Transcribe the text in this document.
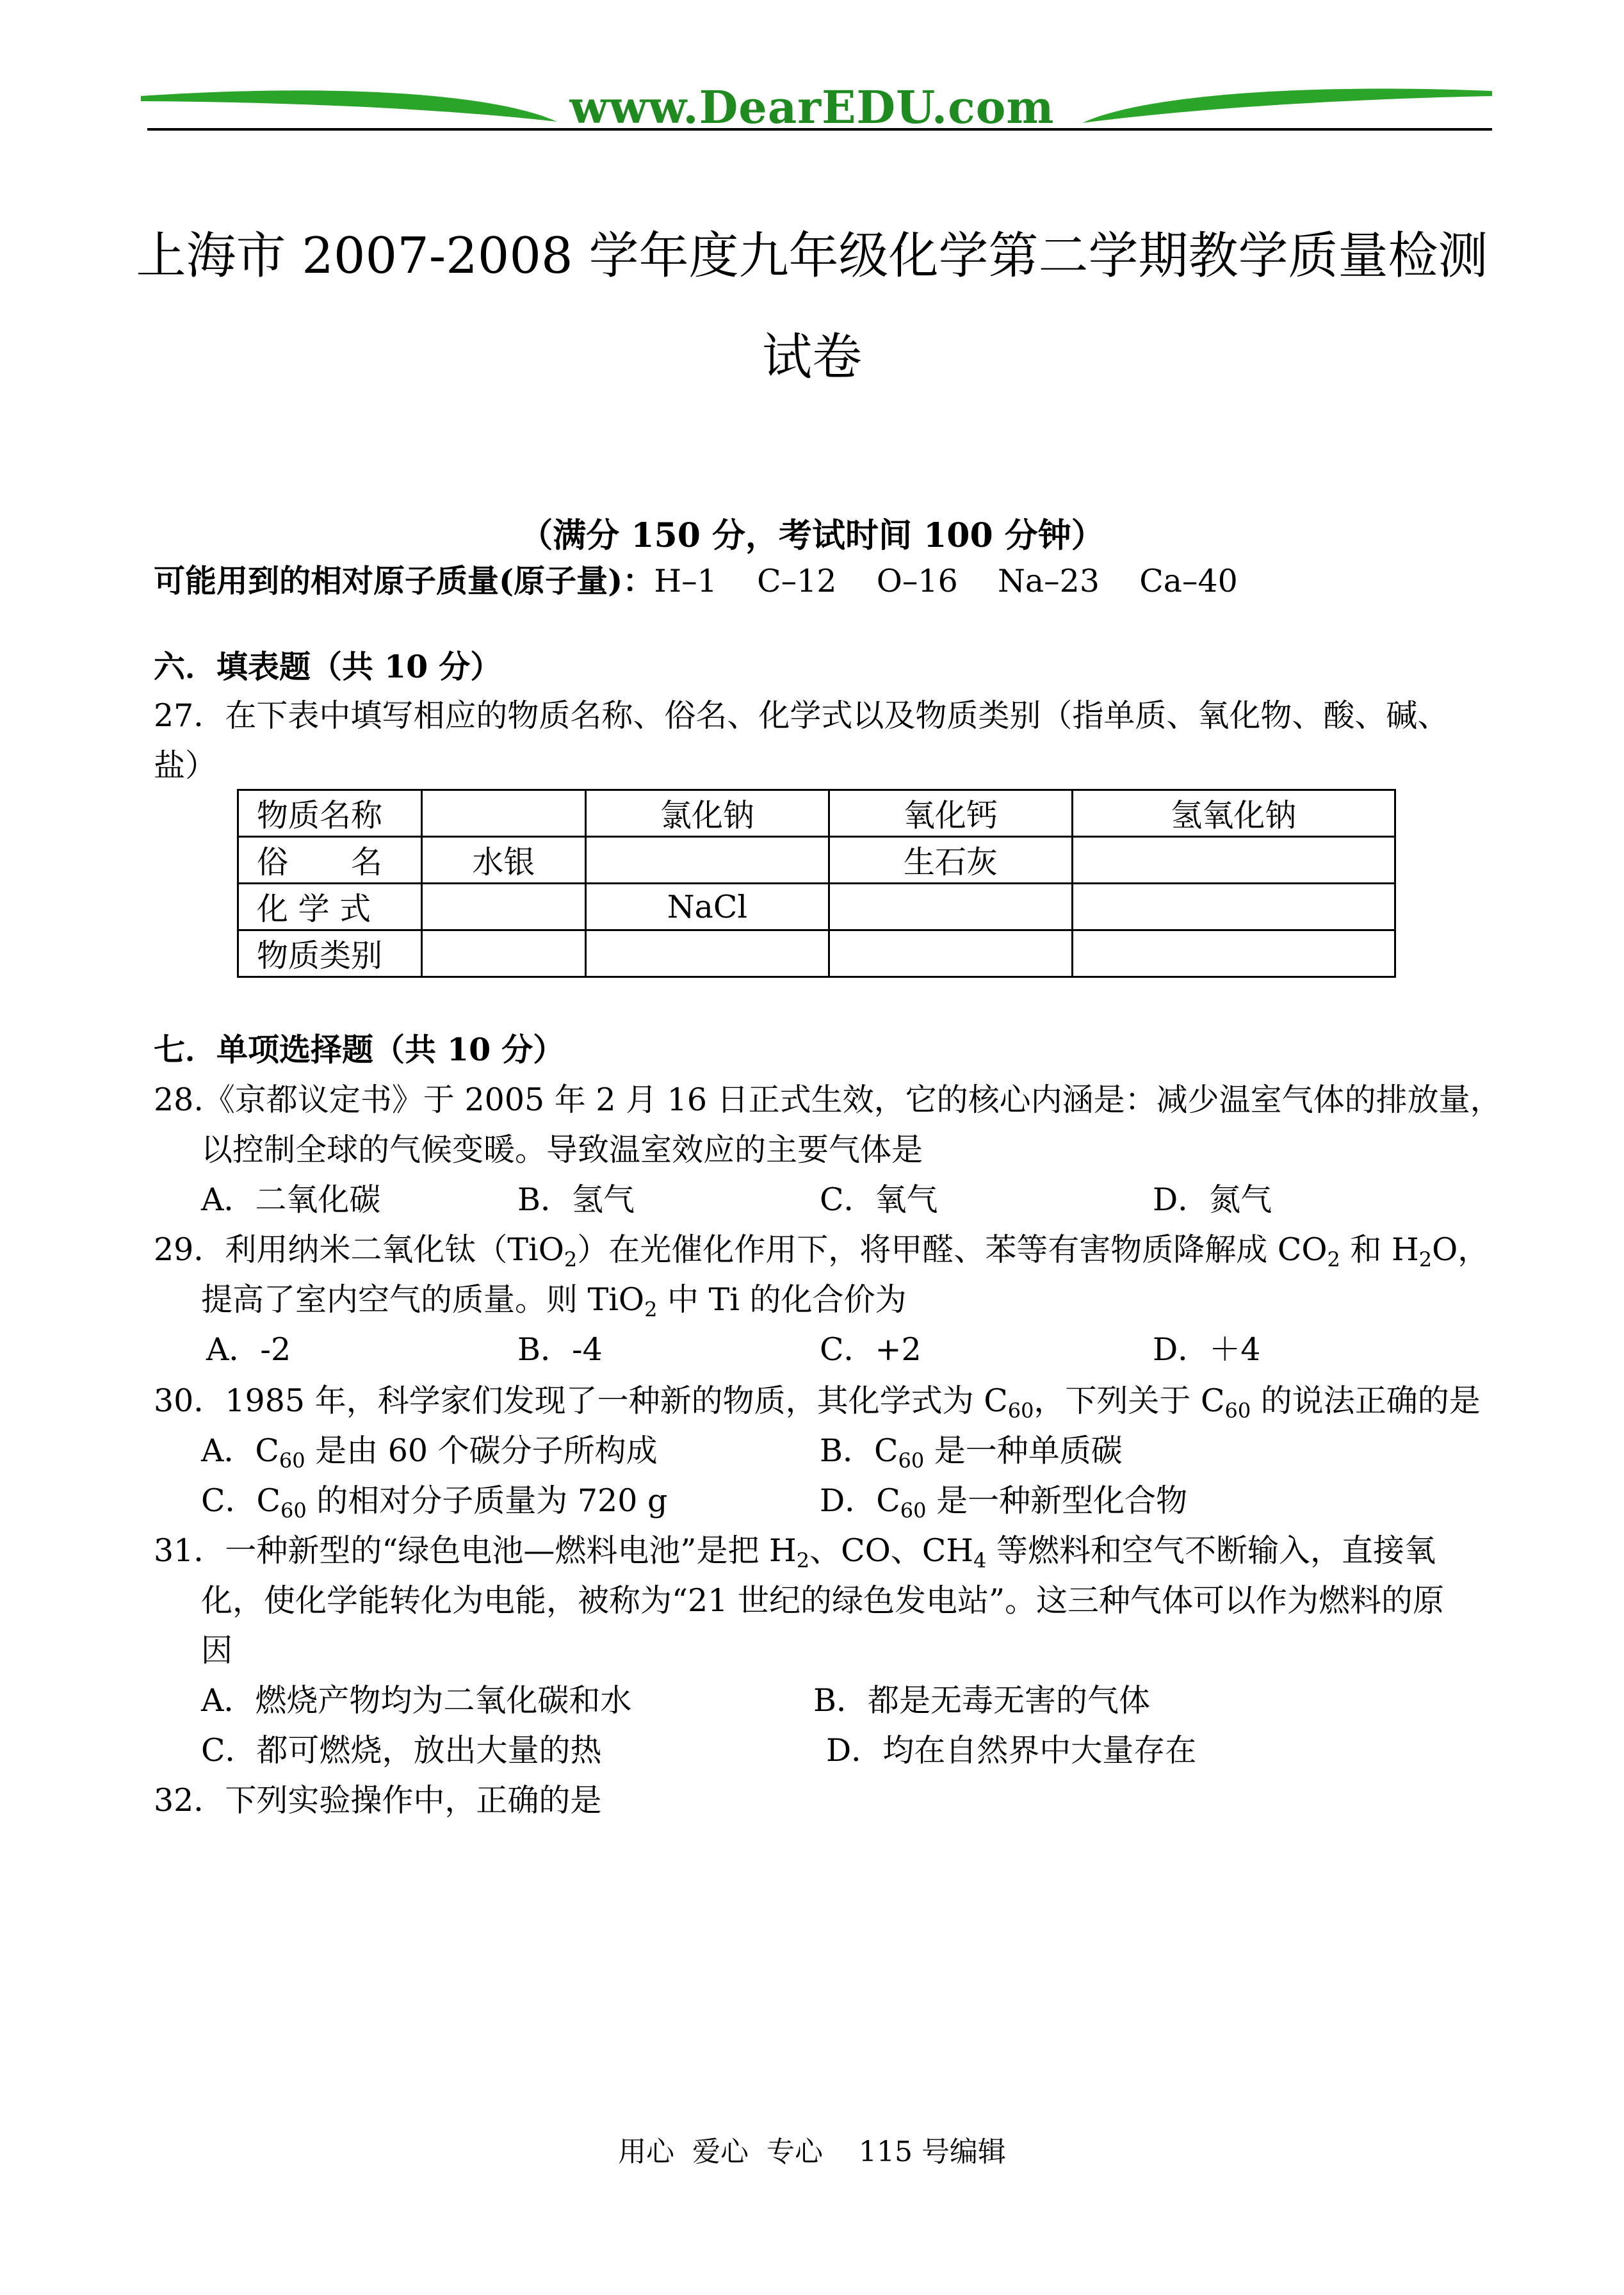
www.DearEDU.com
上海市 2007-2008 学年度九年级化学第二学期教学质量检测
试卷
（满分 150 分，考试时间 100 分钟）
可能用到的相对原子质量(原子量)：H–1    C–12    O–16    Na–23    Ca–40
六．填表题（共 10 分）
27．在下表中填写相应的物质名称、俗名、化学式以及物质类别（指单质、氧化物、酸、碱、
盐）
物质名称		氯化钠	氧化钙	氢氧化钠
俗　　名	水银		生石灰	
化 学 式		NaCl		
物质类别				
七．单项选择题（共 10 分）
28.《京都议定书》于 2005 年 2 月 16 日正式生效，它的核心内涵是：减少温室气体的排放量，
以控制全球的气候变暖。导致温室效应的主要气体是
A．二氧化碳	B．氢气	C．氧气	D．氮气
29．利用纳米二氧化钛（TiO$_2$）在光催化作用下，将甲醛、苯等有害物质降解成 $CO_2$ 和 $H_2O$，
提高了室内空气的质量。则 TiO$_2$ 中 Ti 的化合价为
A．-2	B．-4	C．+2	D．＋4
30．1985 年，科学家们发现了一种新的物质，其化学式为 $C_{60}$，下列关于 $C_{60}$ 的说法正确的是
A．$C_{60}$ 是由 60 个碳分子所构成	B．$C_{60}$ 是一种单质碳
C．$C_{60}$ 的相对分子质量为 720 g	D．$C_{60}$ 是一种新型化合物
31．一种新型的“绿色电池—燃料电池”是把 $H_2$、CO、$CH_4$ 等燃料和空气不断输入，直接氧
化，使化学能转化为电能，被称为“21 世纪的绿色发电站”。这三种气体可以作为燃料的原
因
A．燃烧产物均为二氧化碳和水	B．都是无毒无害的气体
C．都可燃烧，放出大量的热	D．均在自然界中大量存在
32．下列实验操作中，正确的是
用心  爱心  专心    115 号编辑
